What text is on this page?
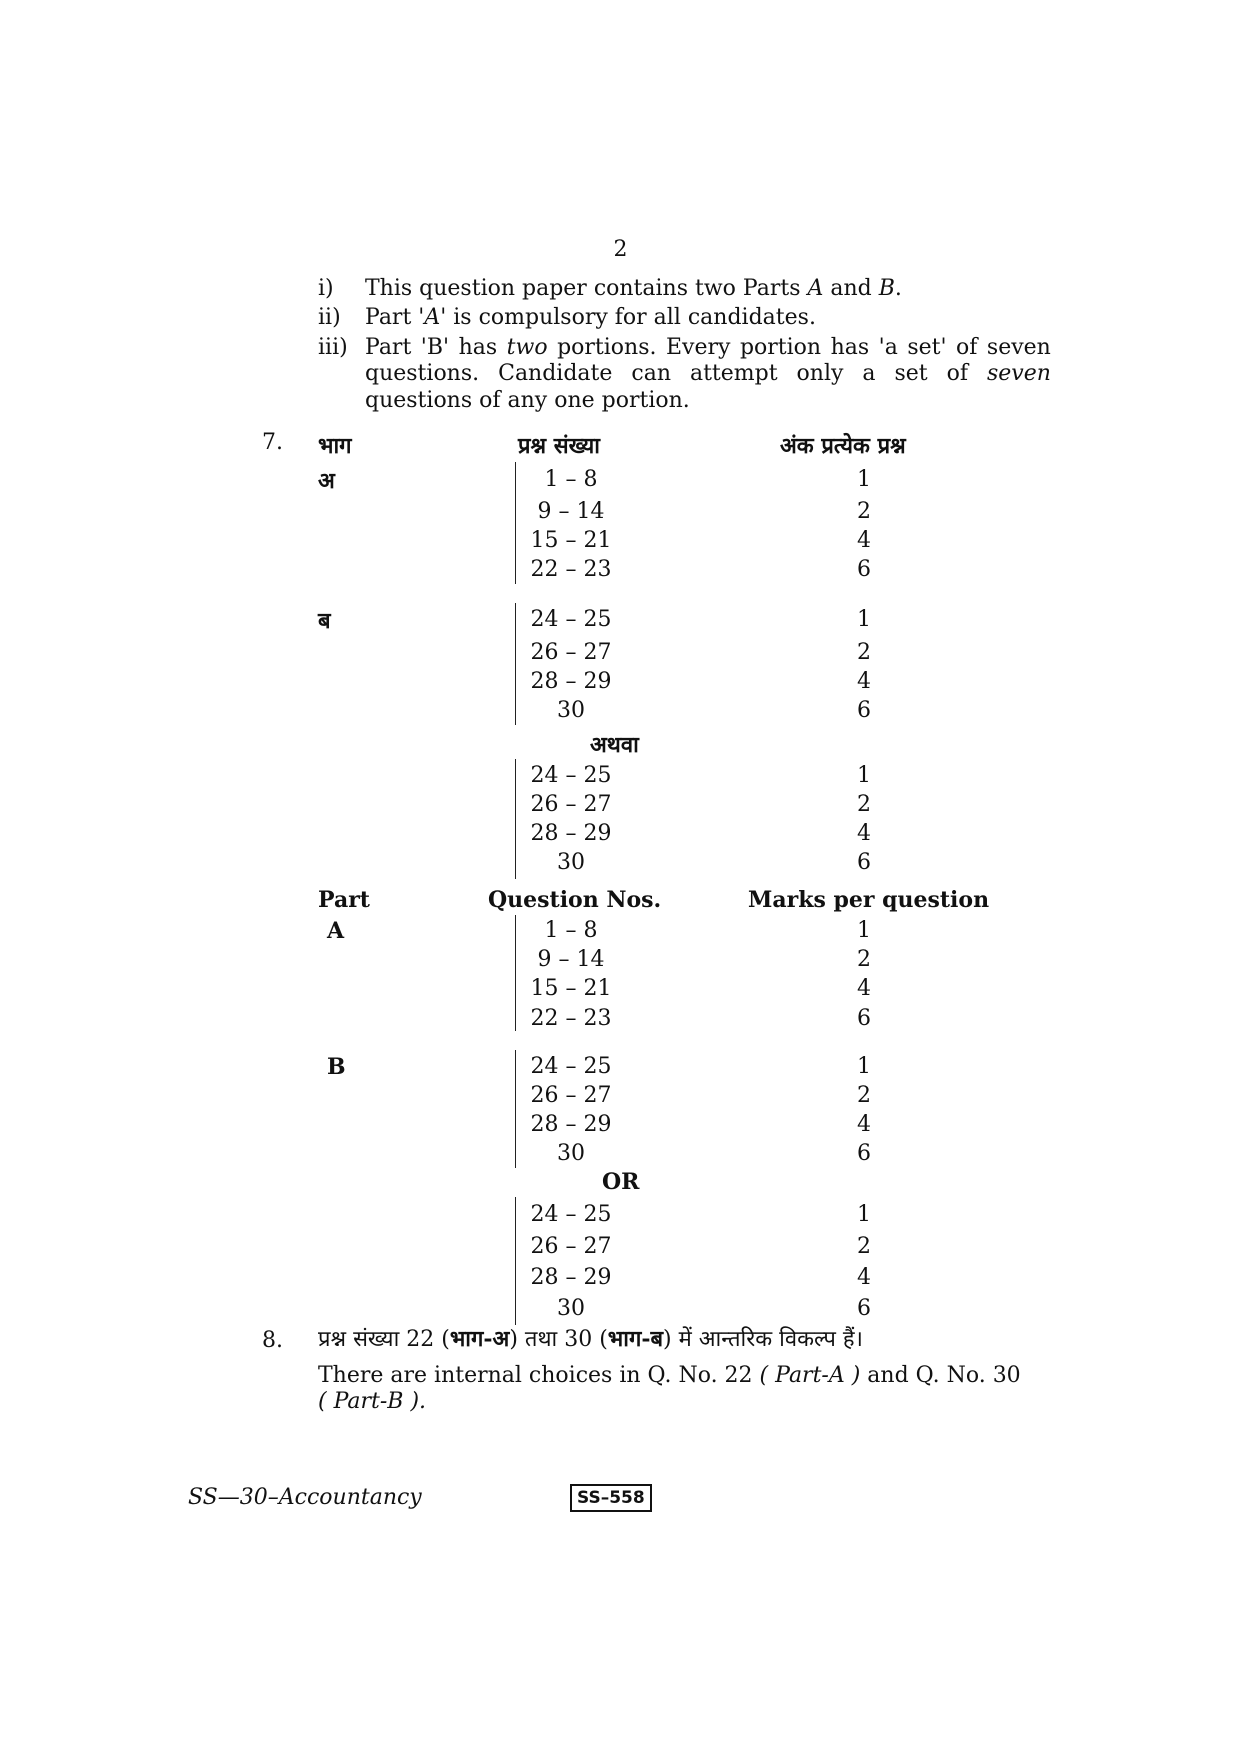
2
i) This question paper contains two Parts A and B.
ii) Part 'A' is compulsory for all candidates.
iii) Part 'B' has two portions. Every portion has 'a set' of seven
questions. Candidate can attempt only a set of seven
questions of any one portion.
7. भाग	प्रश्न संख्या	अंक प्रत्येक प्रश्न
अ	1 – 8	1
9 – 14	2
15 – 21	4
22 – 23	6
ब	24 – 25	1
26 – 27	2
28 – 29	4
30	6
अथवा
24 – 25	1
26 – 27	2
28 – 29	4
30	6
Part	Question Nos.	Marks per question
A	1 – 8	1
9 – 14	2
15 – 21	4
22 – 23	6
B	24 – 25	1
26 – 27	2
28 – 29	4
30	6
OR
24 – 25	1
26 – 27	2
28 – 29	4
30	6
8. प्रश्न संख्या 22 (भाग-अ) तथा 30 (भाग-ब) में आन्तरिक विकल्प हैं।
There are internal choices in Q. No. 22 ( Part-A ) and Q. No. 30
( Part-B ).
SS—30–Accountancy	SS–558
